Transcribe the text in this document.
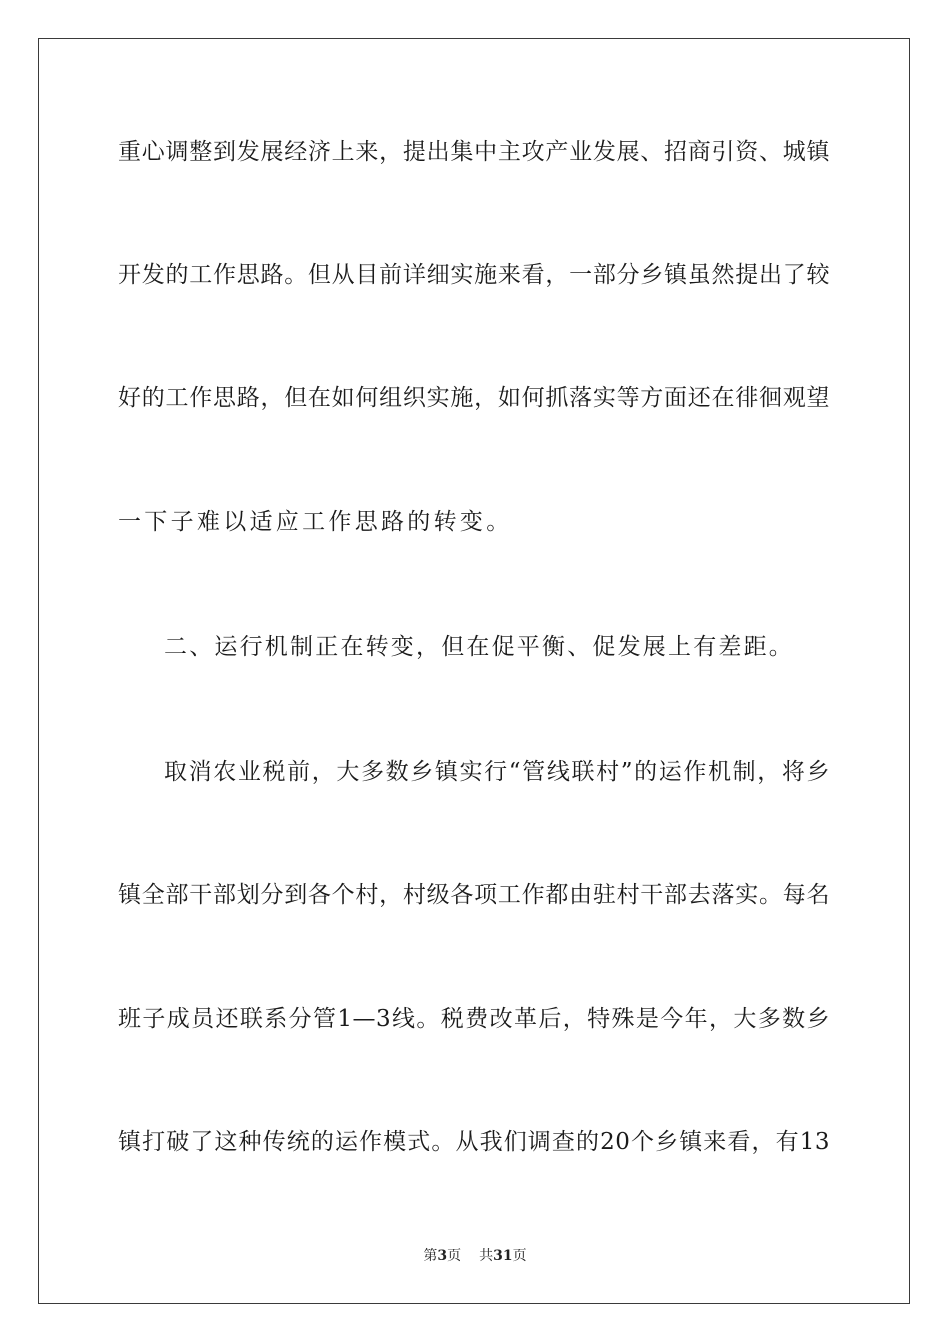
重心调整到发展经济上来，提出集中主攻产业发展、招商引资、城镇
开发的工作思路。但从目前详细实施来看，一部分乡镇虽然提出了较
好的工作思路，但在如何组织实施，如何抓落实等方面还在徘徊观望
一下子难以适应工作思路的转变。
二、运行机制正在转变，但在促平衡、促发展上有差距。
取消农业税前，大多数乡镇实行“管线联村”的运作机制，将乡
镇全部干部划分到各个村，村级各项工作都由驻村干部去落实。每名
班子成员还联系分管1—3线。税费改革后，特殊是今年，大多数乡
镇打破了这种传统的运作模式。从我们调查的20个乡镇来看，有13
第3页 共31页
